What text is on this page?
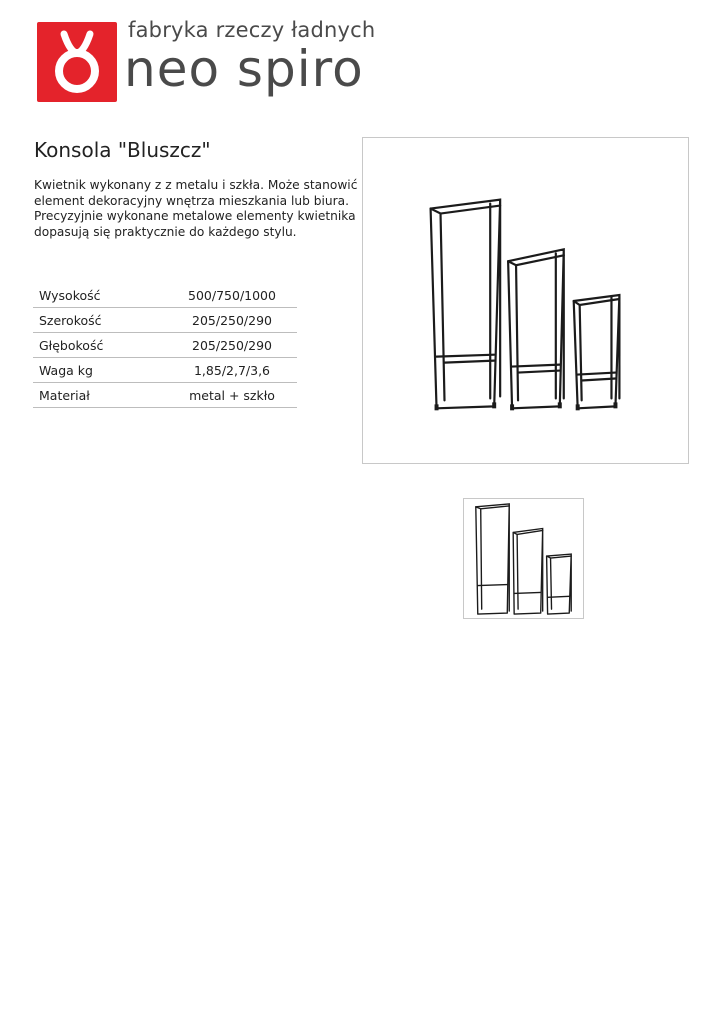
fabryka rzeczy ładnych
neo spiro
Konsola "Bluszcz"

Kwietnik wykonany z z metalu i szkła. Może stanowić element dekoracyjny wnętrza mieszkania lub biura. Precyzyjnie wykonane metalowe elementy kwietnika dopasują się praktycznie do każdego stylu.

Wysokość	500/750/1000
Szerokość	205/250/290
Głębokość	205/250/290
Waga kg	1,85/2,7/3,6
Materiał	metal + szkło
